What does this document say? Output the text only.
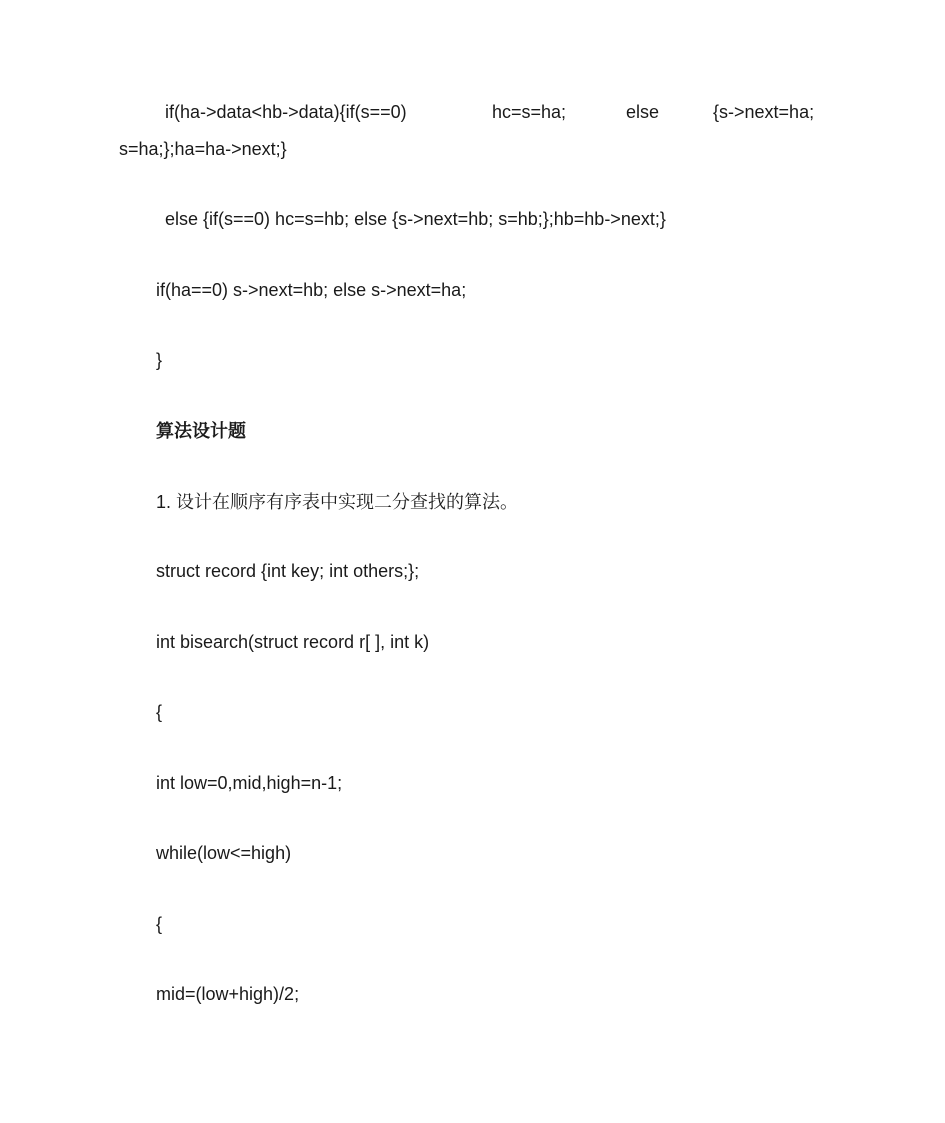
if(ha->data<hb->data){if(s==0)	hc=s=ha;	else	{s->next=ha;
s=ha;};ha=ha->next;}
else {if(s==0) hc=s=hb; else {s->next=hb; s=hb;};hb=hb->next;}
if(ha==0) s->next=hb; else s->next=ha;
}
算法设计题
1. 设计在顺序有序表中实现二分查找的算法。
struct record {int key; int others;};
int bisearch(struct record r[ ], int k)
{
int low=0,mid,high=n-1;
while(low<=high)
{
mid=(low+high)/2;
